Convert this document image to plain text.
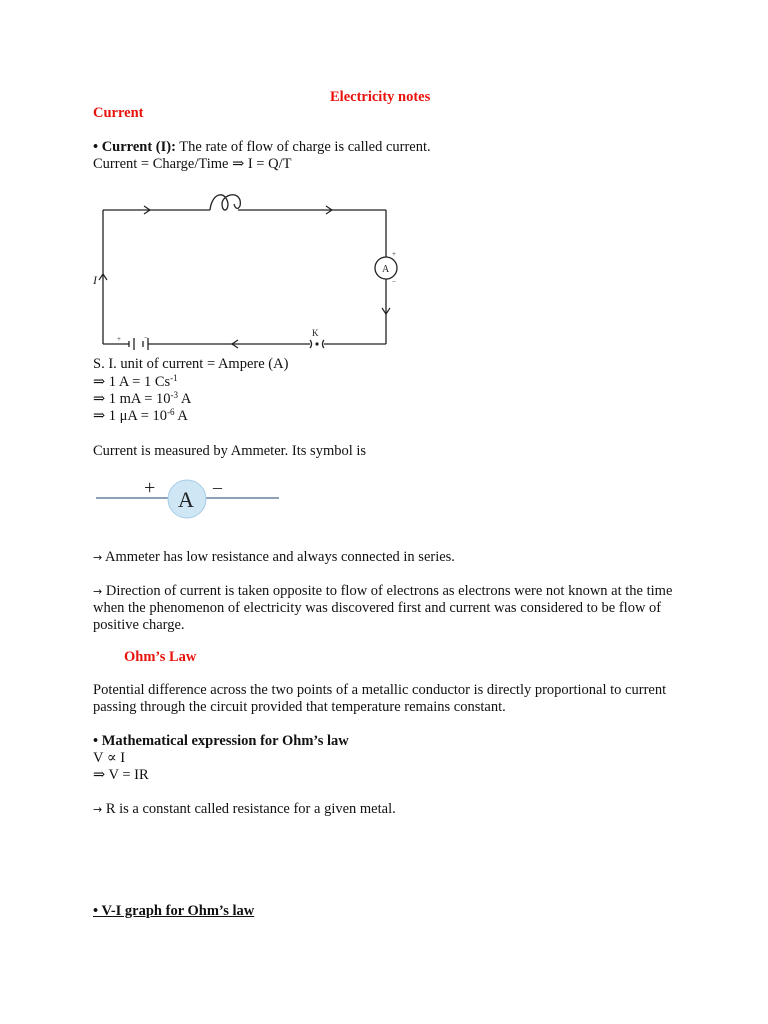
Electricity notes
Current
• Current (I): The rate of flow of charge is called current.
Current = Charge/Time ⇒ I = Q/T
I
K
A
+
−
+	−
S. I. unit of current = Ampere (A)
⇒ 1 A = 1 $Cs^{-1}$
⇒ 1 mA = $10^{-3}$ A
⇒ 1 $\mu A = 10^{-6}$ A
Current is measured by Ammeter. Its symbol is
A
+	–
→ Ammeter has low resistance and always connected in series.
→ Direction of current is taken opposite to flow of electrons as electrons were not known at the time when the phenomenon of electricity was discovered first and current was considered to be flow of positive charge.
Ohm’s Law
Potential difference across the two points of a metallic conductor is directly proportional to current passing through the circuit provided that temperature remains constant.
• Mathematical expression for Ohm’s law
V ∝ I
⇒ V = IR
→ R is a constant called resistance for a given metal.
• V-I graph for Ohm’s law
